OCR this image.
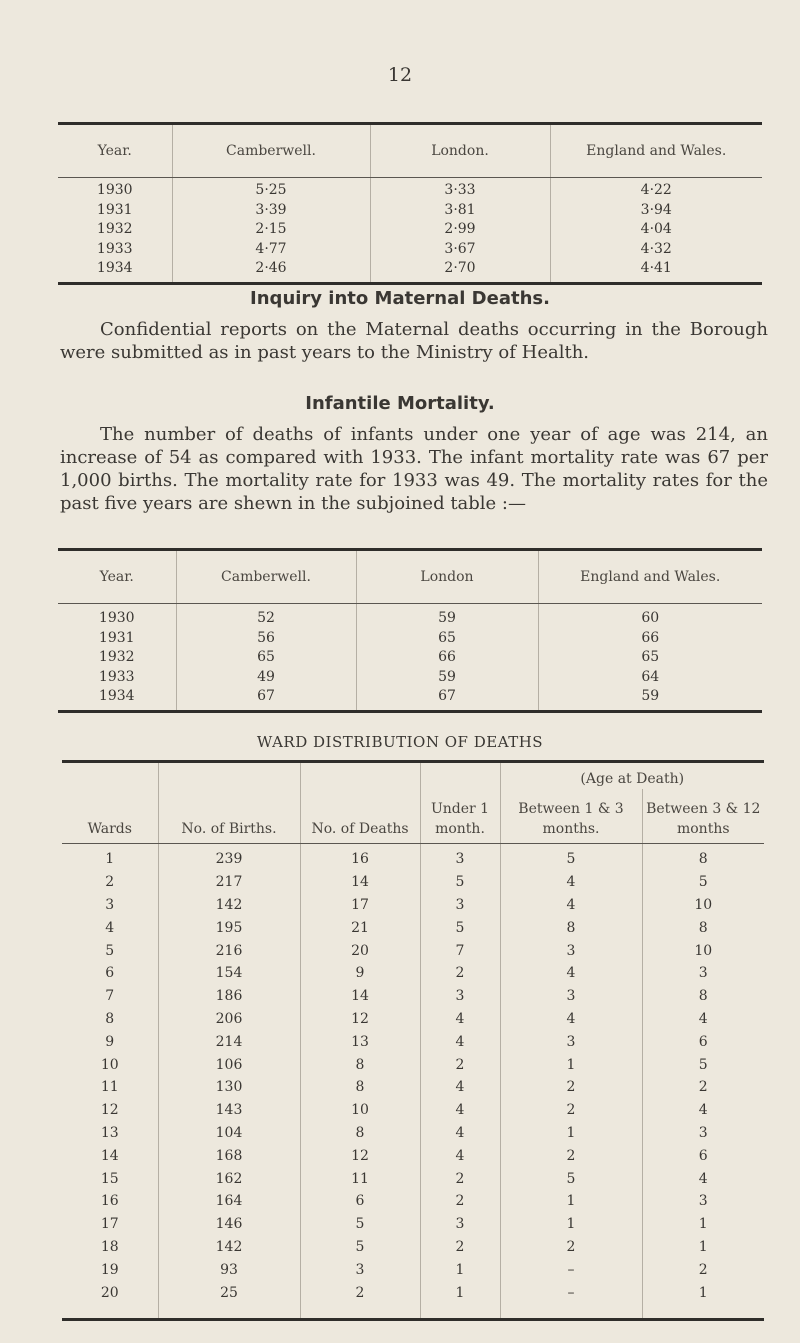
12
Year.	Camberwell.	London.	England and Wales.
1930	5·25	3·33	4·22
1931	3·39	3·81	3·94
1932	2·15	2·99	4·04
1933	4·77	3·67	4·32
1934	2·46	2·70	4·41
Inquiry into Maternal Deaths.

Confidential reports on the Maternal deaths occurring in the Borough were submitted as in past years to the Ministry of Health.

Infantile Mortality.

The number of deaths of infants under one year of age was 214, an increase of 54 as compared with 1933. The infant mortality rate was 67 per 1,000 births. The mortality rate for 1933 was 49. The mortality rates for the past five years are shewn in the subjoined table :—

Year.	Camberwell.	London	England and Wales.
1930	52	59	60
1931	56	65	66
1932	65	66	65
1933	49	59	64
1934	67	67	59
WARD DISTRIBUTION OF DEATHS
				(Age at Death)	
Wards	No. of Births.	No. of Deaths	Under 1 month.	Between 1 & 3 months.	Between 3 & 12 months
1	239	16	3	5	8
2	217	14	5	4	5
3	142	17	3	4	10
4	195	21	5	8	8
5	216	20	7	3	10
6	154	9	2	4	3
7	186	14	3	3	8
8	206	12	4	4	4
9	214	13	4	3	6
10	106	8	2	1	5
11	130	8	4	2	2
12	143	10	4	2	4
13	104	8	4	1	3
14	168	12	4	2	6
15	162	11	2	5	4
16	164	6	2	1	3
17	146	5	3	1	1
18	142	5	2	2	1
19	93	3	1	–	2
20	25	2	1	–	1
